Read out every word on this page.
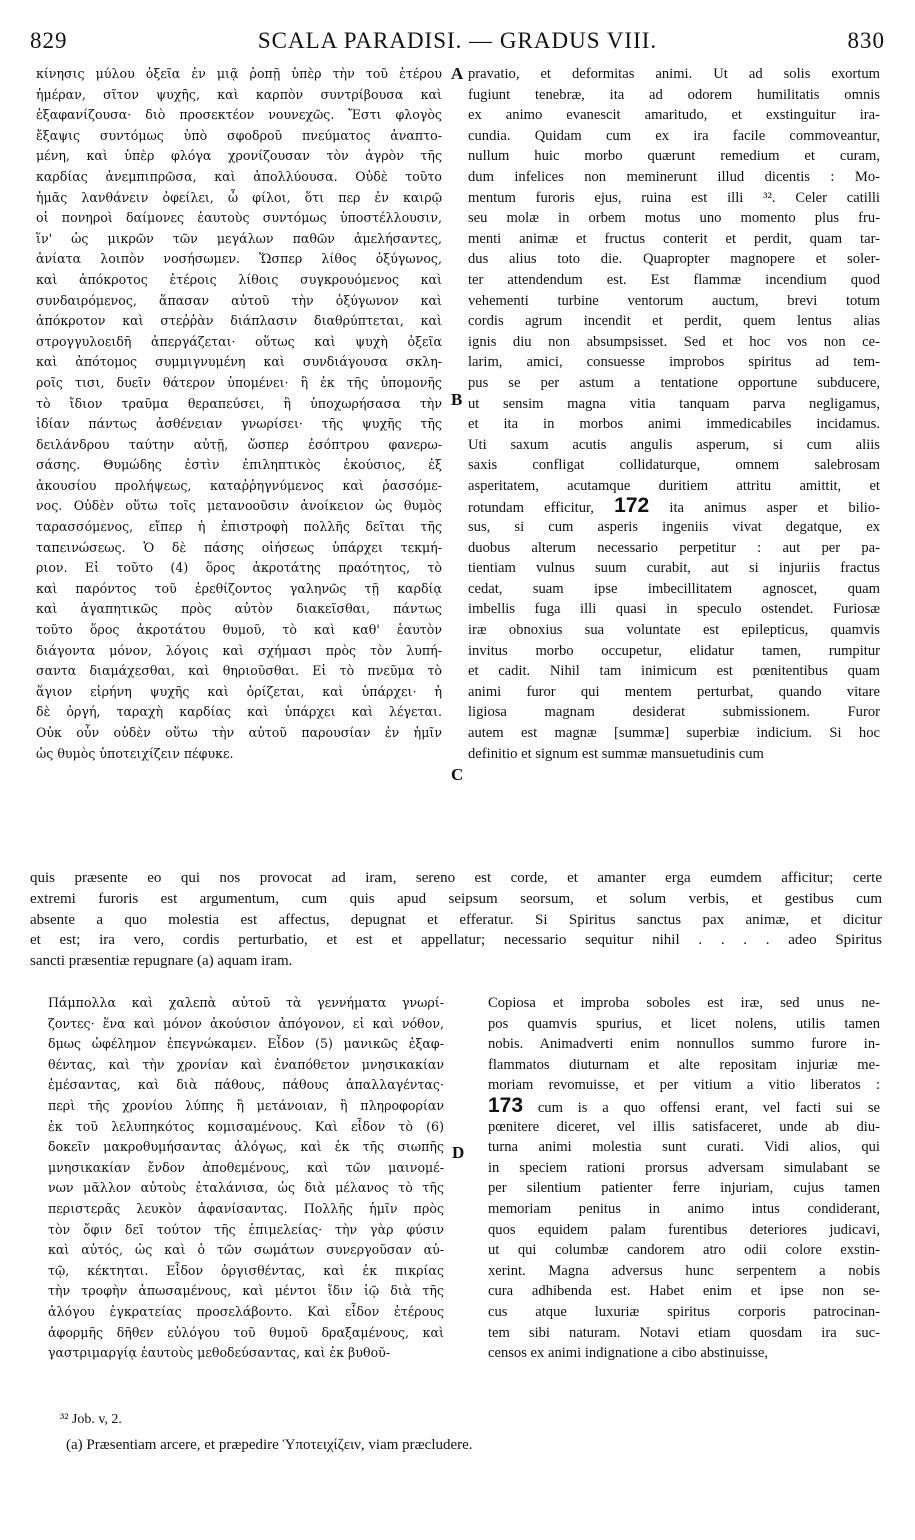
829	SCALA PARADISI. — GRADUS VIII.	830
A
B
C
D
κίνησις μύλου ὀξεῖα ἐν μιᾷ ῥοπῇ ὑπὲρ τὴν τοῦ ἑτέρου
ἡμέραν, σῖτον ψυχῆς, καὶ καρπὸν συντρίβουσα καὶ
ἐξαφανίζουσα· διὸ προσεκτέον νουνεχῶς. Ἔστι φλογὸς
ἔξαψις συντόμως ὑπὸ σφοδροῦ πνεύματος ἀναπτο-
μένη, καὶ ὑπὲρ φλόγα χρονίζουσαν τὸν ἀγρὸν τῆς
καρδίας ἀνεμπιπρῶσα, καὶ ἀπολλύουσα. Οὐδὲ τοῦτο
ἡμᾶς λανθάνειν ὀφείλει, ὦ φίλοι, ὅτι περ ἐν καιρῷ
οἱ πονηροὶ δαίμονες ἑαυτοὺς συντόμως ὑποστέλλουσιν,
ἵν' ὡς μικρῶν τῶν μεγάλων παθῶν ἀμελήσαντες,
ἀνίατα λοιπὸν νοσήσωμεν. Ὥσπερ λίθος ὀξύγωνος,
καὶ ἀπόκροτος ἑτέροις λίθοις συγκρουόμενος καὶ
συνδαιρόμενος, ἅπασαν αὐτοῦ τὴν ὀξύγωνον καὶ
ἀπόκροτον καὶ στεῤῥὰν διάπλασιν διαθρύπτεται, καὶ
στρογγυλοειδῆ ἀπεργάζεται· οὕτως καὶ ψυχὴ ὀξεῖα
καὶ ἀπότομος συμμιγνυμένη καὶ συνδιάγουσα σκλη-
ροῖς τισι, δυεῖν θάτερον ὑπομένει· ἢ ἐκ τῆς ὑπομονῆς
τὸ ἴδιον τραῦμα θεραπεύσει, ἢ ὑποχωρήσασα τὴν
ἰδίαν πάντως ἀσθένειαν γνωρίσει· τῆς ψυχῆς τῆς
δειλάνδρου ταύτην αὐτῇ, ὥσπερ ἐσόπτρου φανερω-
σάσης. Θυμώδης ἐστὶν ἐπιληπτικὸς ἑκούσιος, ἐξ
ἀκουσίου προλήψεως, καταῤῥηγνύμενος καὶ ῥασσόμε-
νος. Οὐδὲν οὕτω τοῖς μετανοοῦσιν ἀνοίκειον ὡς θυμὸς
ταρασσόμενος, εἴπερ ἡ ἐπιστροφὴ πολλῆς δεῖται τῆς
ταπεινώσεως. Ὁ δὲ πάσης οἰήσεως ὑπάρχει τεκμή-
ριον. Εἰ τοῦτο (4) ὅρος ἀκροτάτης πραότητος, τὸ
καὶ παρόντος τοῦ ἐρεθίζοντος γαληνῶς τῇ καρδίᾳ
καὶ ἀγαπητικῶς πρὸς αὐτὸν διακεῖσθαι, πάντως
τοῦτο ὅρος ἀκροτάτου θυμοῦ, τὸ καὶ καθ' ἑαυτὸν
διάγοντα μόνον, λόγοις καὶ σχήμασι πρὸς τὸν λυπή-
σαντα διαμάχεσθαι, καὶ θηριοῦσθαι. Εἰ τὸ πνεῦμα τὸ
ἅγιον εἰρήνη ψυχῆς καὶ ὁρίζεται, καὶ ὑπάρχει· ἡ
δὲ ὀργή, ταραχὴ καρδίας καὶ ὑπάρχει καὶ λέγεται.
Οὐκ οὖν οὐδὲν οὕτω τὴν αὐτοῦ παρουσίαν ἐν ἡμῖν
ὡς θυμὸς ὑποτειχίζειν πέφυκε.
pravatio, et deformitas animi. Ut ad solis exortum
fugiunt tenebræ, ita ad odorem humilitatis omnis
ex animo evanescit amaritudo, et exstinguitur ira-
cundia. Quidam cum ex ira facile commoveantur,
nullum huic morbo quærunt remedium et curam,
dum infelices non meminerunt illud dicentis : Mo-
mentum furoris ejus, ruina est illi ³². Celer catilli
seu molæ in orbem motus uno momento plus fru-
menti animæ et fructus conterit et perdit, quam tar-
dus alius toto die. Quapropter magnopere et soler-
ter attendendum est. Est flammæ incendium quod
vehementi turbine ventorum auctum, brevi totum
cordis agrum incendit et perdit, quem lentus alias
ignis diu non absumpsisset. Sed et hoc vos non ce-
larim, amici, consuesse improbos spiritus ad tem-
pus se per astum a tentatione opportune subducere,
ut sensim magna vitia tanquam parva negligamus,
et ita in morbos animi immedicabiles incidamus.
Uti saxum acutis angulis asperum, si cum aliis
saxis confligat collidaturque, omnem salebrosam
asperitatem, acutamque duritiem attritu amittit, et
rotundam efficitur, 172 ita animus asper et bilio-
sus, si cum asperis ingeniis vivat degatque, ex
duobus alterum necessario perpetitur : aut per pa-
tientiam vulnus suum curabit, aut si injuriis fractus
cedat, suam ipse imbecillitatem agnoscet, quam
imbellis fuga illi quasi in speculo ostendet. Furiosæ
iræ obnoxius sua voluntate est epilepticus, quamvis
invitus morbo occupetur, elidatur tamen, rumpitur
et cadit. Nihil tam inimicum est pœnitentibus quam
animi furor qui mentem perturbat, quando vitare
ligiosa magnam desiderat submissionem. Furor
autem est magnæ [summæ] superbiæ indicium. Si hoc
definitio et signum est summæ mansuetudinis cum
quis præsente eo qui nos provocat ad iram, sereno est corde, et amanter erga eumdem afficitur; certe
extremi furoris est argumentum, cum quis apud seipsum seorsum, et solum verbis, et gestibus cum
absente a quo molestia est affectus, depugnat et efferatur. Si Spiritus sanctus pax animæ, et dicitur
et est; ira vero, cordis perturbatio, et est et appellatur; necessario sequitur nihil . . . . adeo Spiritus
sancti præsentiæ repugnare (a) aquam iram.
Πάμπολλα καὶ χαλεπὰ αὐτοῦ τὰ γεννήματα γνωρί-
ζοντες· ἕνα καὶ μόνον ἀκούσιον ἀπόγονον, εἰ καὶ νόθον,
δμως ὠφέλημον ἐπεγνώκαμεν. Εἶδον (5) μανικῶς ἐξαφ-
θέντας, καὶ τὴν χρονίαν καὶ ἐναπόθετον μνησικακίαν
ἐμέσαντας, καὶ διὰ πάθους, πάθους ἀπαλλαγέντας·
περὶ τῆς χρονίου λύπης ἢ μετάνοιαν, ἢ πληροφορίαν
ἐκ τοῦ λελυπηκότος κομισαμένους. Καὶ εἶδον τὸ (6)
δοκεῖν μακροθυμήσαντας ἀλόγως, καὶ ἐκ τῆς σιωπῆς
μνησικακίαν ἔνδον ἀποθεμένους, καὶ τῶν μαινομέ-
νων μᾶλλον αὐτοὺς ἐταλάνισα, ὡς διὰ μέλανος τὸ τῆς
περιστερᾶς λευκὸν ἀφανίσαντας. Πολλῆς ἡμῖν πρὸς
τὸν ὄφιν δεῖ τούτον τῆς ἐπιμελείας· τὴν γὰρ φύσιν
καὶ αὐτός, ὡς καὶ ὁ τῶν σωμάτων συνεργοῦσαν αὐ-
τῷ, κέκτηται. Εἶδον ὀργισθέντας, καὶ ἐκ πικρίας
τὴν τροφὴν ἀπωσαμένους, καὶ μέντοι ἴδιν ἰῷ διὰ τῆς
ἀλόγου ἐγκρατείας προσελάβοντο. Καὶ εἶδον ἑτέρους
ἀφορμῆς δῆθεν εὐλόγου τοῦ θυμοῦ δραξαμένους, καὶ
γαστριμαργίᾳ ἑαυτοὺς μεθοδεύσαντας, καὶ ἐκ βυθοῦ-
Copiosa et improba soboles est iræ, sed unus ne-
pos quamvis spurius, et licet nolens, utilis tamen
nobis. Animadverti enim nonnullos summo furore in-
flammatos diuturnam et alte repositam injuriæ me-
moriam revomuisse, et per vitium a vitio liberatos :
173 cum is a quo offensi erant, vel facti sui se
pœnitere diceret, vel illis satisfaceret, unde ab diu-
turna animi molestia sunt curati. Vidi alios, qui
in speciem rationi prorsus adversam simulabant se
per silentium patienter ferre injuriam, cujus tamen
memoriam penitus in animo intus condiderant,
quos equidem palam furentibus deteriores judicavi,
ut qui columbæ candorem atro odii colore exstin-
xerint. Magna adversus hunc serpentem a nobis
cura adhibenda est. Habet enim et ipse non se-
cus atque luxuriæ spiritus corporis patrocinan-
tem sibi naturam. Notavi etiam quosdam ira suc-
censos ex animi indignatione a cibo abstinuisse,
³² Job. v, 2.
(a) Præsentiam arcere, et præpedire Ὑποτειχίζειν, viam præcludere.
